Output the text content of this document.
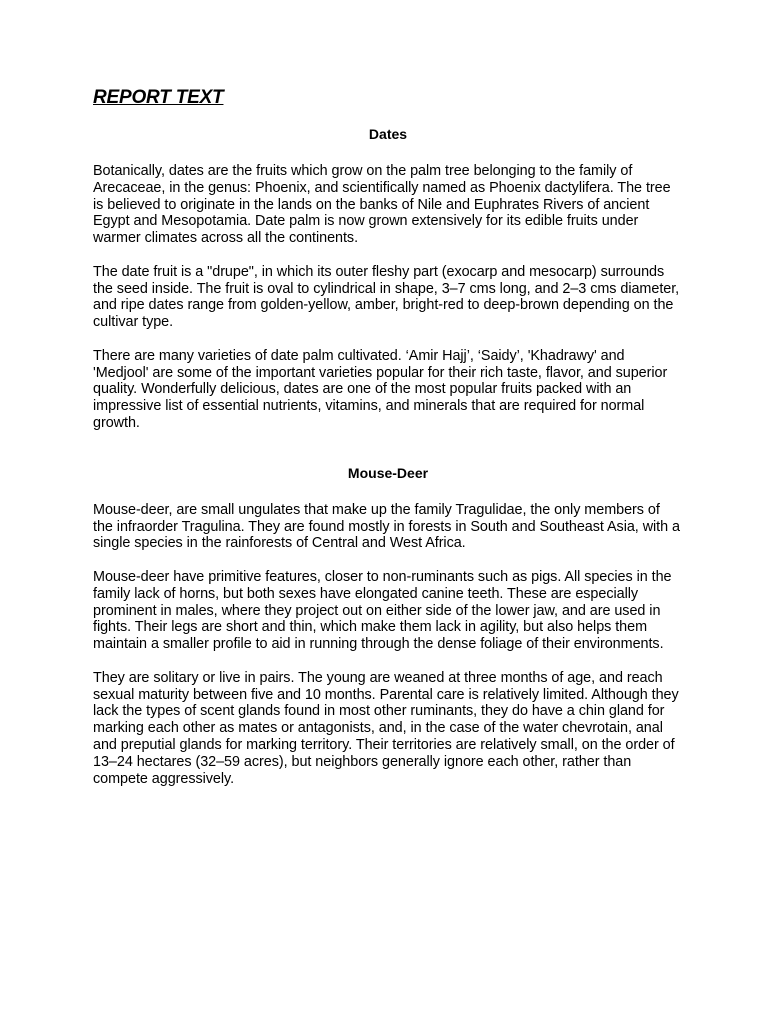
REPORT TEXT
Dates

Botanically, dates are the fruits which grow on the palm tree belonging to the family of Arecaceae, in the genus: Phoenix, and scientifically named as Phoenix dactylifera. The tree is believed to originate in the lands on the banks of Nile and Euphrates Rivers of ancient Egypt and Mesopotamia. Date palm is now grown extensively for its edible fruits under warmer climates across all the continents.

The date fruit is a "drupe", in which its outer fleshy part (exocarp and mesocarp) surrounds the seed inside. The fruit is oval to cylindrical in shape, 3–7 cms long, and 2–3 cms diameter, and ripe dates range from golden-yellow, amber, bright-red to deep-brown depending on the cultivar type.

There are many varieties of date palm cultivated. ‘Amir Hajj’, ‘Saidy’, 'Khadrawy' and 'Medjool' are some of the important varieties popular for their rich taste, flavor, and superior quality. Wonderfully delicious, dates are one of the most popular fruits packed with an impressive list of essential nutrients, vitamins, and minerals that are required for normal growth.

Mouse-Deer

Mouse-deer, are small ungulates that make up the family Tragulidae, the only members of the infraorder Tragulina. They are found mostly in forests in South and Southeast Asia, with a single species in the rainforests of Central and West Africa.

Mouse-deer have primitive features, closer to non-ruminants such as pigs. All species in the family lack of horns, but both sexes have elongated canine teeth. These are especially prominent in males, where they project out on either side of the lower jaw, and are used in fights. Their legs are short and thin, which make them lack in agility, but also helps them maintain a smaller profile to aid in running through the dense foliage of their environments.

They are solitary or live in pairs. The young are weaned at three months of age, and reach sexual maturity between five and 10 months. Parental care is relatively limited. Although they lack the types of scent glands found in most other ruminants, they do have a chin gland for marking each other as mates or antagonists, and, in the case of the water chevrotain, anal and preputial glands for marking territory. Their territories are relatively small, on the order of 13–24 hectares (32–59 acres), but neighbors generally ignore each other, rather than compete aggressively.
